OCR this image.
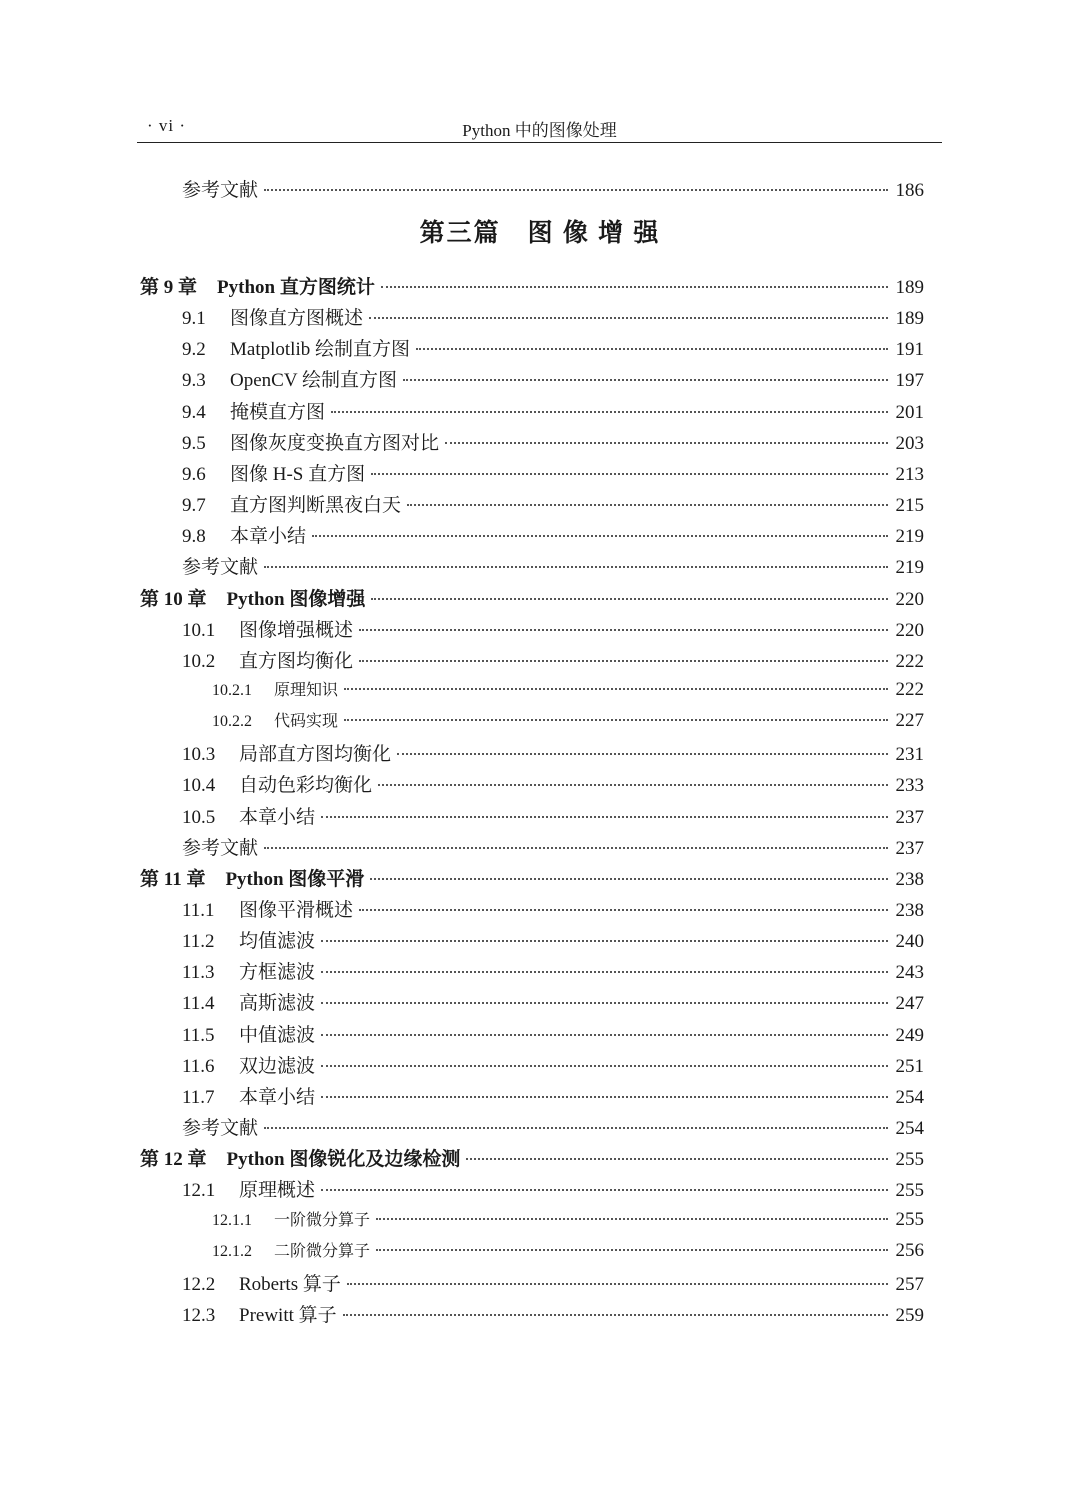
· vi ·	Python 中的图像处理
第三篇　图 像 增 强
参考文献	186
第 9 章 Python 直方图统计	189
9.1	图像直方图概述	189
9.2	Matplotlib 绘制直方图	191
9.3	OpenCV 绘制直方图	197
9.4	掩模直方图	201
9.5	图像灰度变换直方图对比	203
9.6	图像 H-S 直方图	213
9.7	直方图判断黑夜白天	215
9.8	本章小结	219
参考文献	219
第 10 章 Python 图像增强	220
10.1	图像增强概述	220
10.2	直方图均衡化	222
10.2.1	原理知识	222
10.2.2	代码实现	227
10.3	局部直方图均衡化	231
10.4	自动色彩均衡化	233
10.5	本章小结	237
参考文献	237
第 11 章 Python 图像平滑	238
11.1	图像平滑概述	238
11.2	均值滤波	240
11.3	方框滤波	243
11.4	高斯滤波	247
11.5	中值滤波	249
11.6	双边滤波	251
11.7	本章小结	254
参考文献	254
第 12 章 Python 图像锐化及边缘检测	255
12.1	原理概述	255
12.1.1	一阶微分算子	255
12.1.2	二阶微分算子	256
12.2	Roberts 算子	257
12.3	Prewitt 算子	259
